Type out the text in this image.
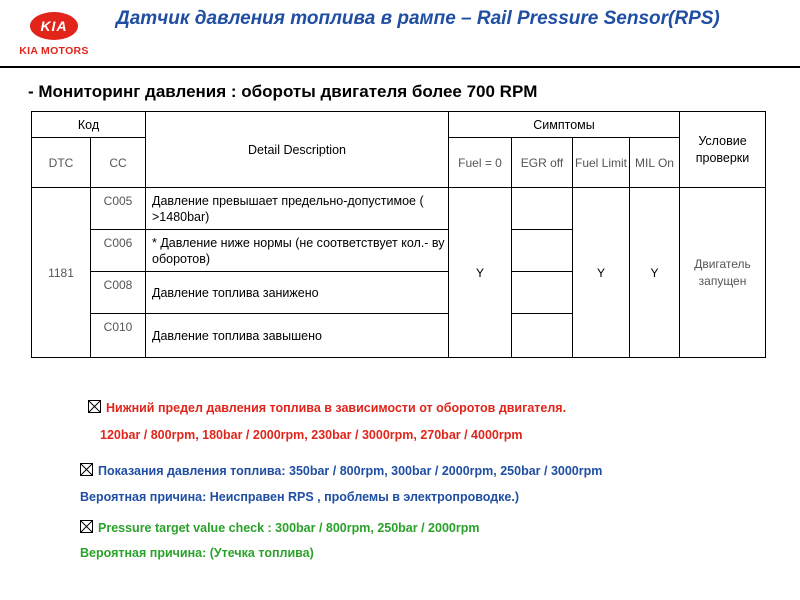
KIA
KIA MOTORS
Датчик давления топлива в рампе – Rail Pressure Sensor(RPS)
- Мониторинг давления : обороты двигателя более 700 RPM
Код		Detail Description	Симптомы				Условие проверки
DTC	CC		Fuel = 0	EGR off	Fuel Limit	MIL On	
1181	C005	Давление превышает предельно-допустимое ( >1480bar)	Y		Y	Y	Двигатель запущен
	C006	* Давление ниже нормы (не соответствует кол.- ву оборотов)					
	C008	Давление топлива занижено					
	C010	Давление топлива завышено					
Нижний предел давления топлива в зависимости от оборотов двигателя.
120bar / 800rpm, 180bar / 2000rpm, 230bar / 3000rpm, 270bar / 4000rpm
Показания давления топлива: 350bar / 800rpm, 300bar / 2000rpm, 250bar / 3000rpm
Вероятная причина: Неисправен RPS , проблемы в электропроводке.)
Pressure target value check : 300bar / 800rpm, 250bar / 2000rpm
Вероятная причина: (Утечка топлива)
